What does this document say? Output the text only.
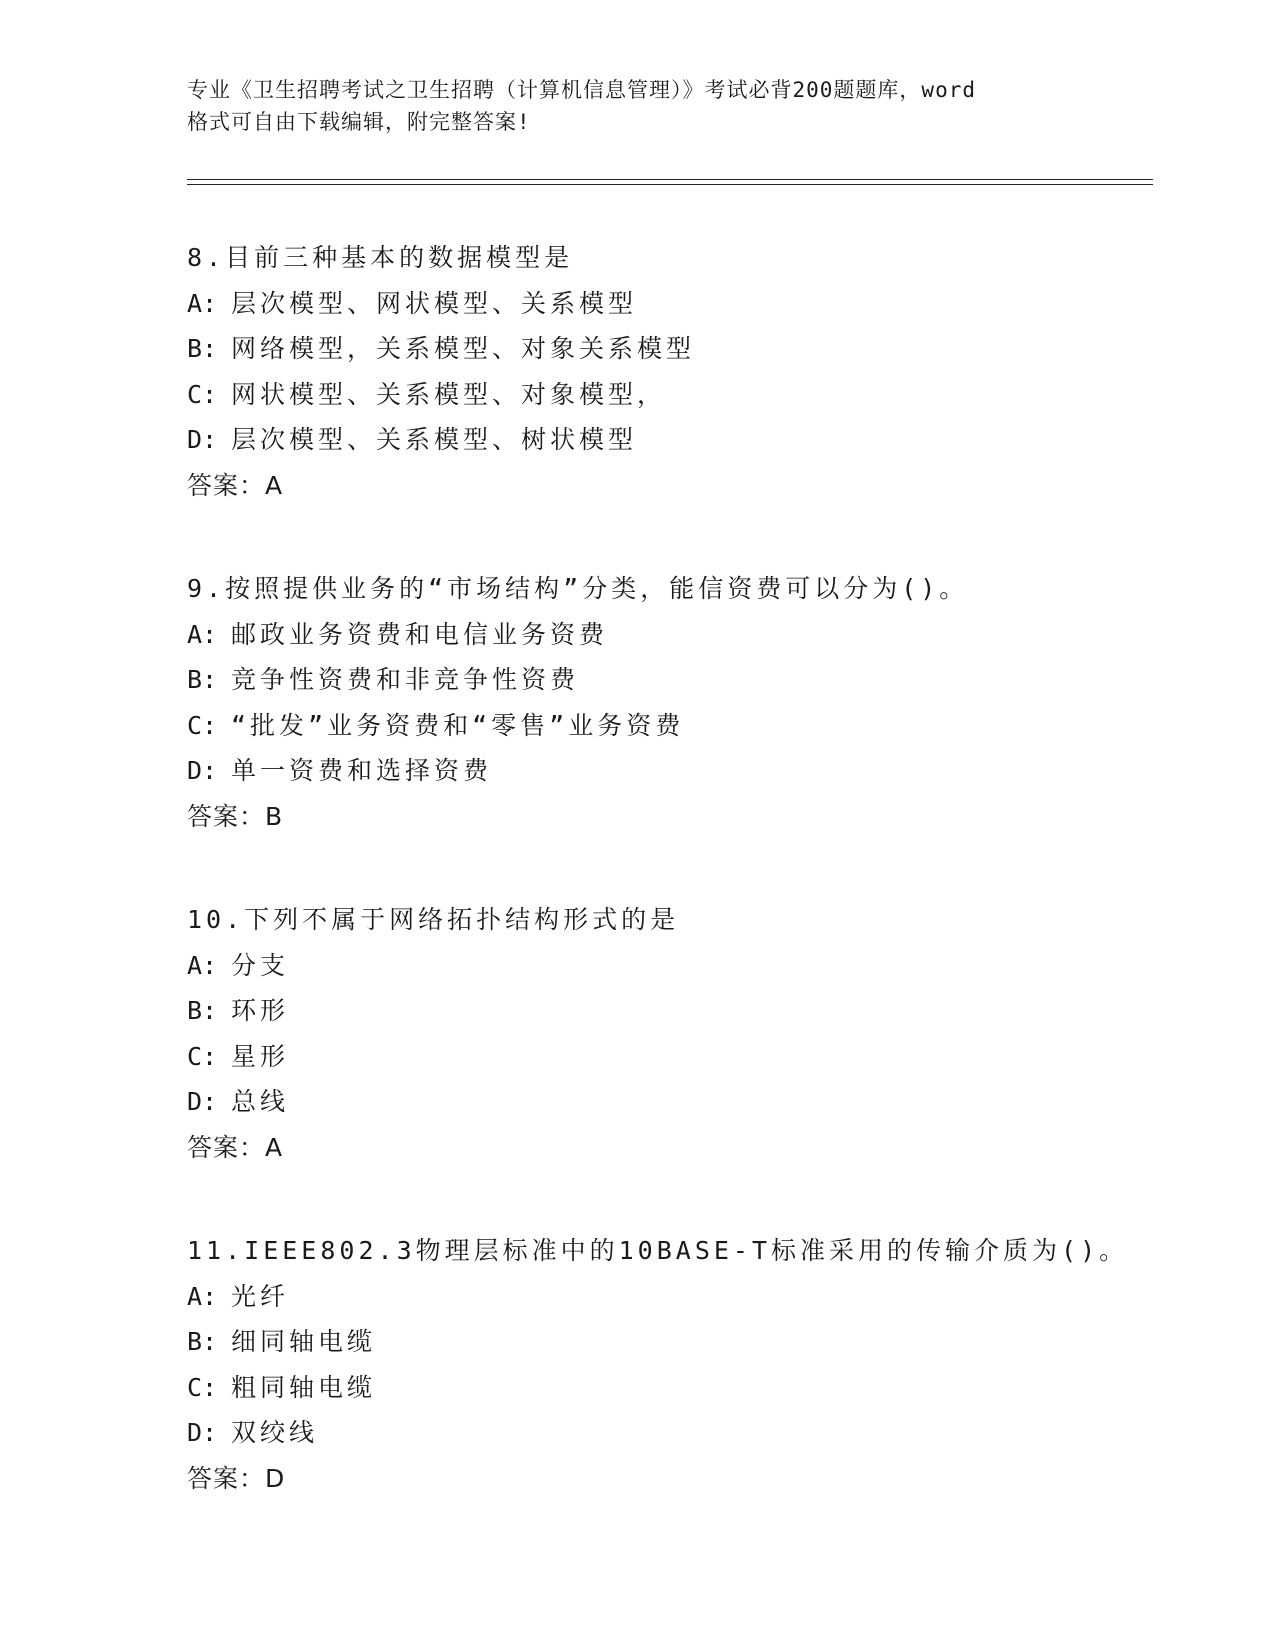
专业《卫生招聘考试之卫生招聘（计算机信息管理）》考试必背200题题库，word
格式可自由下载编辑，附完整答案!
8.目前三种基本的数据模型是
A: 层次模型、网状模型、关系模型
B: 网络模型，关系模型、对象关系模型
C: 网状模型、关系模型、对象模型，
D: 层次模型、关系模型、树状模型
答案：A
9.按照提供业务的“市场结构”分类，能信资费可以分为()。
A: 邮政业务资费和电信业务资费
B: 竞争性资费和非竞争性资费
C: “批发”业务资费和“零售”业务资费
D: 单一资费和选择资费
答案：B
10.下列不属于网络拓扑结构形式的是
A: 分支
B: 环形
C: 星形
D: 总线
答案：A
11.IEEE802.3物理层标准中的10BASE-T标准采用的传输介质为()。
A: 光纤
B: 细同轴电缆
C: 粗同轴电缆
D: 双绞线
答案：D
